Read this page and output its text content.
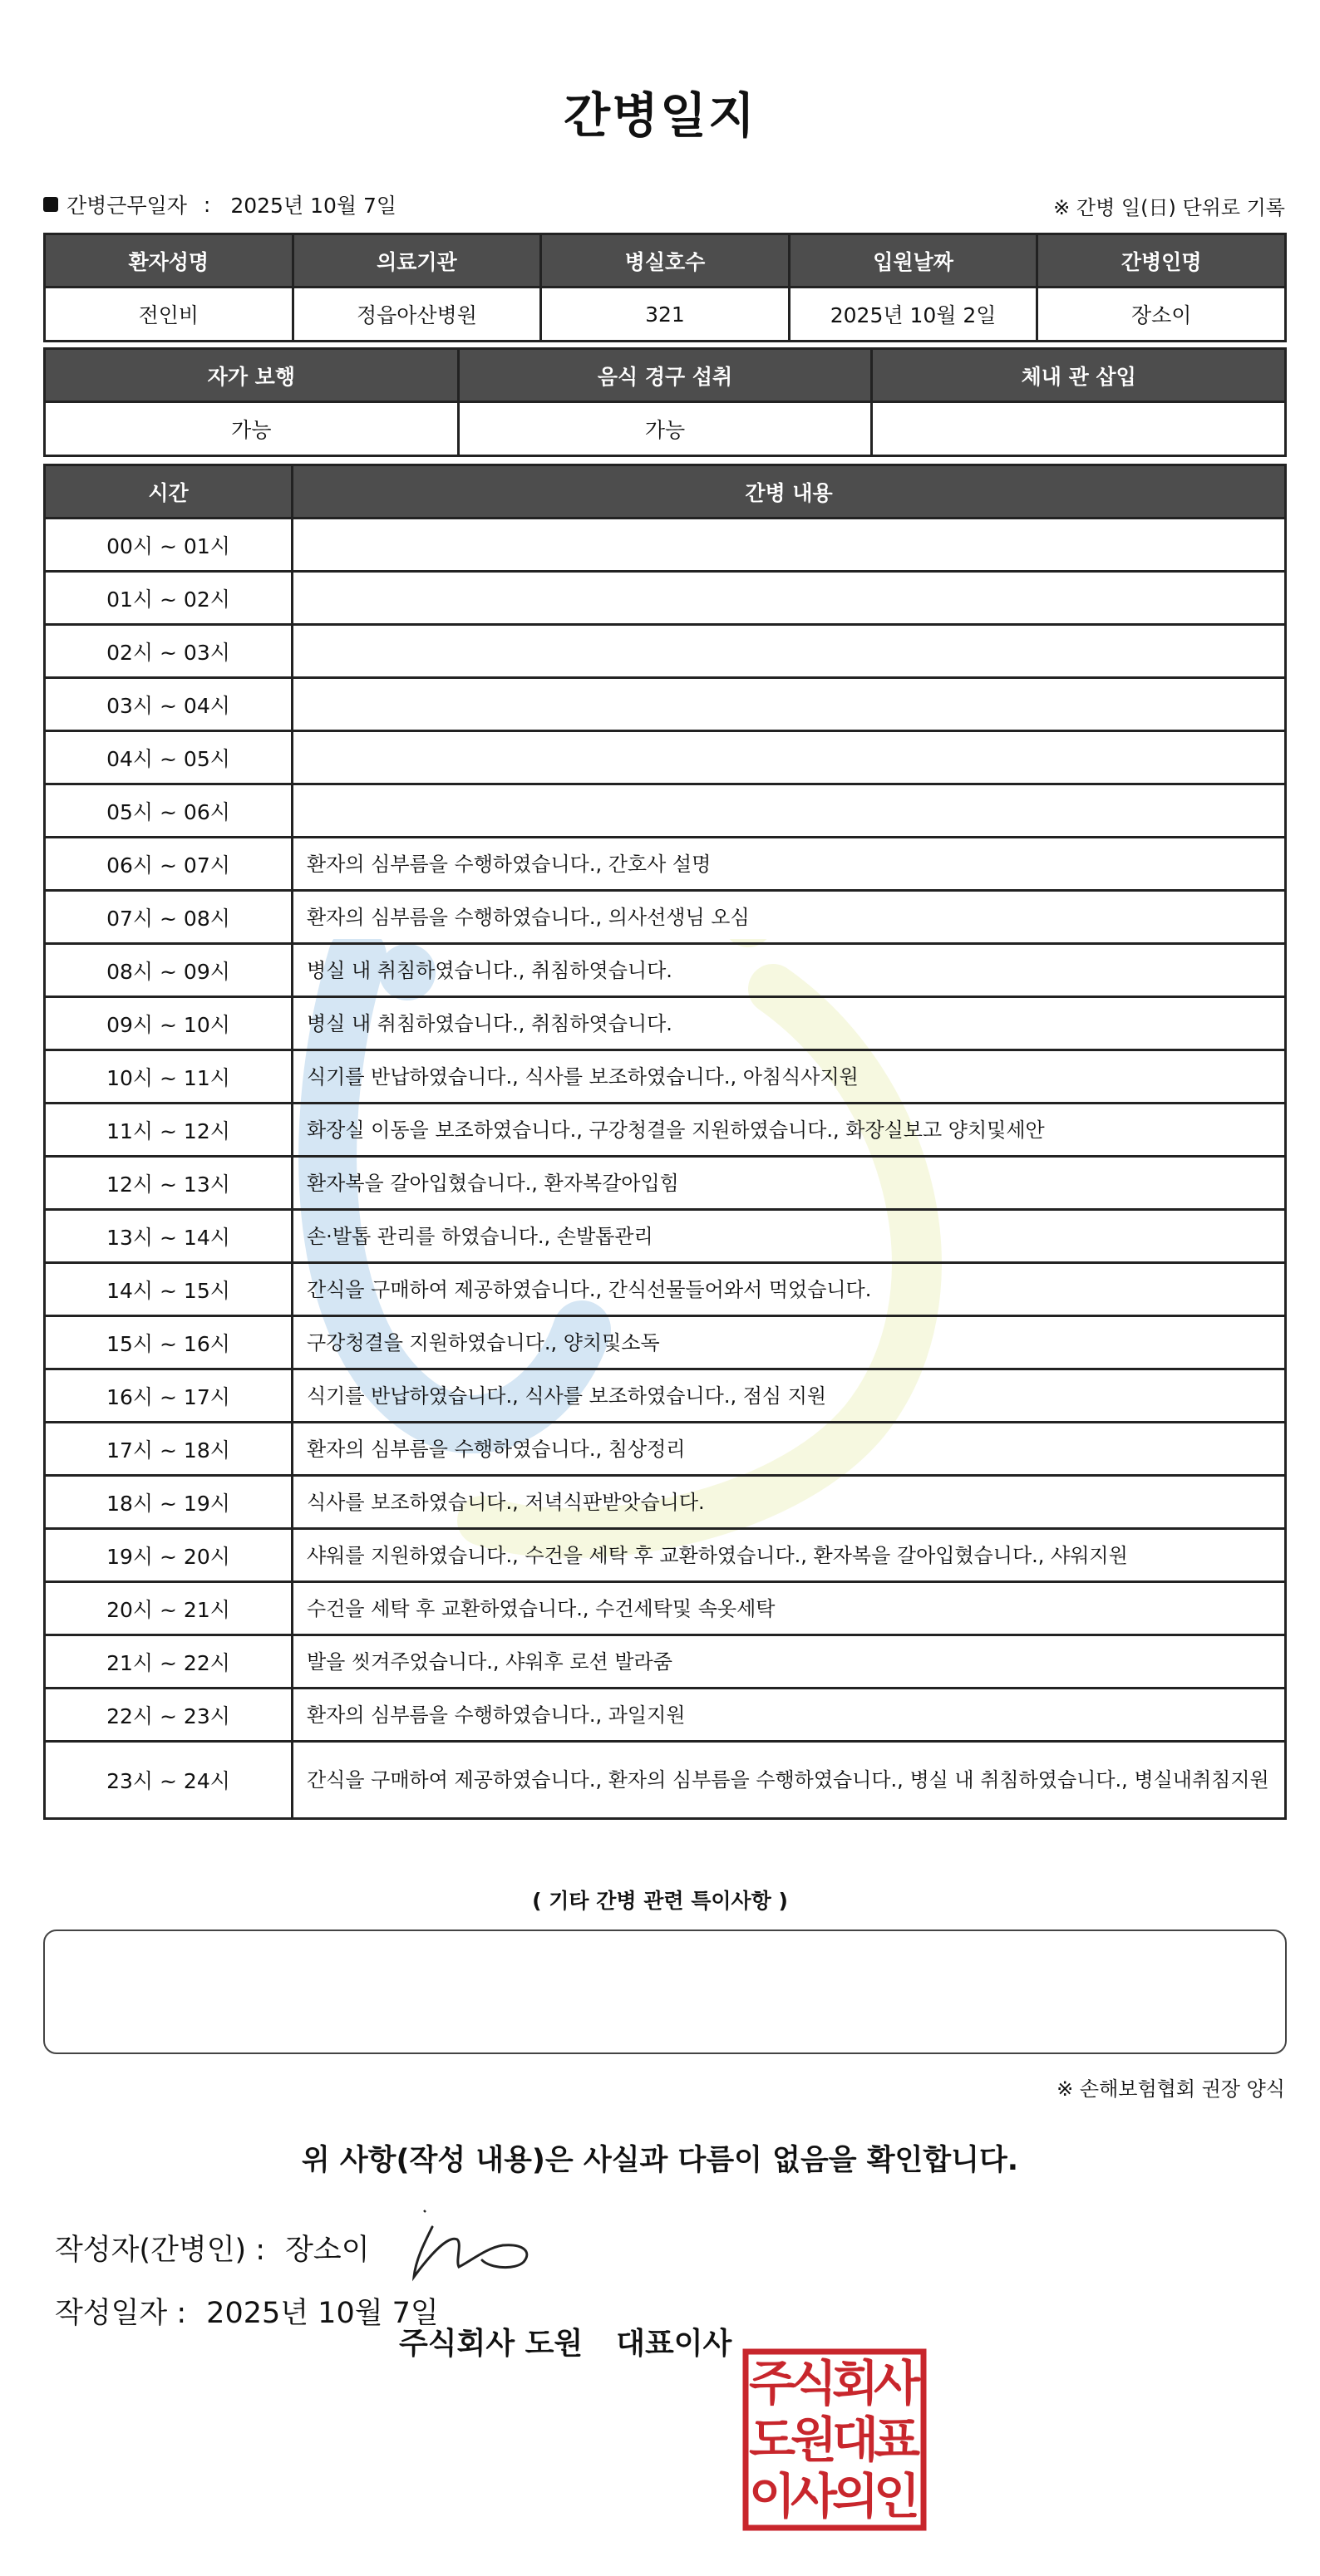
간병일지
간병근무일자 : 2025년 10월 7일	※ 간병 일(日) 단위로 기록
환자성명	의료기관	병실호수	입원날짜	간병인명
전인비	정읍아산병원	321	2025년 10월 2일	장소이
자가 보행	음식 경구 섭취	체내 관 삽입
가능	가능	
시간	간병 내용
00시 ~ 01시	
01시 ~ 02시	
02시 ~ 03시	
03시 ~ 04시	
04시 ~ 05시	
05시 ~ 06시	
06시 ~ 07시	환자의 심부름을 수행하였습니다., 간호사 설명
07시 ~ 08시	환자의 심부름을 수행하였습니다., 의사선생님 오심
08시 ~ 09시	병실 내 취침하였습니다., 취침하엿습니다.
09시 ~ 10시	병실 내 취침하였습니다., 취침하엿습니다.
10시 ~ 11시	식기를 반납하였습니다., 식사를 보조하였습니다., 아침식사지원
11시 ~ 12시	화장실 이동을 보조하였습니다., 구강청결을 지원하였습니다., 화장실보고 양치및세안
12시 ~ 13시	환자복을 갈아입혔습니다., 환자복갈아입힘
13시 ~ 14시	손·발톱 관리를 하였습니다., 손발톱관리
14시 ~ 15시	간식을 구매하여 제공하였습니다., 간식선물들어와서 먹었습니다.
15시 ~ 16시	구강청결을 지원하였습니다., 양치및소독
16시 ~ 17시	식기를 반납하였습니다., 식사를 보조하였습니다., 점심 지원
17시 ~ 18시	환자의 심부름을 수행하였습니다., 침상정리
18시 ~ 19시	식사를 보조하였습니다., 저녁식판받앗습니다.
19시 ~ 20시	샤워를 지원하였습니다., 수건을 세탁 후 교환하였습니다., 환자복을 갈아입혔습니다., 샤워지원
20시 ~ 21시	수건을 세탁 후 교환하였습니다., 수건세탁및 속옷세탁
21시 ~ 22시	발을 씻겨주었습니다., 샤워후 로션 발라줌
22시 ~ 23시	환자의 심부름을 수행하였습니다., 과일지원
23시 ~ 24시	간식을 구매하여 제공하였습니다., 환자의 심부름을 수행하였습니다., 병실 내 취침하였습니다., 병실내취침지원
( 기타 간병 관련 특이사항 )
※ 손해보험협회 권장 양식
위 사항(작성 내용)은 사실과 다름이 없음을 확인합니다.
작성자(간병인) : 장소이
작성일자 : 2025년 10월 7일
주식회사 도원 대표이사
주
식
회
사
도
원
대
표
이
사
의
인
